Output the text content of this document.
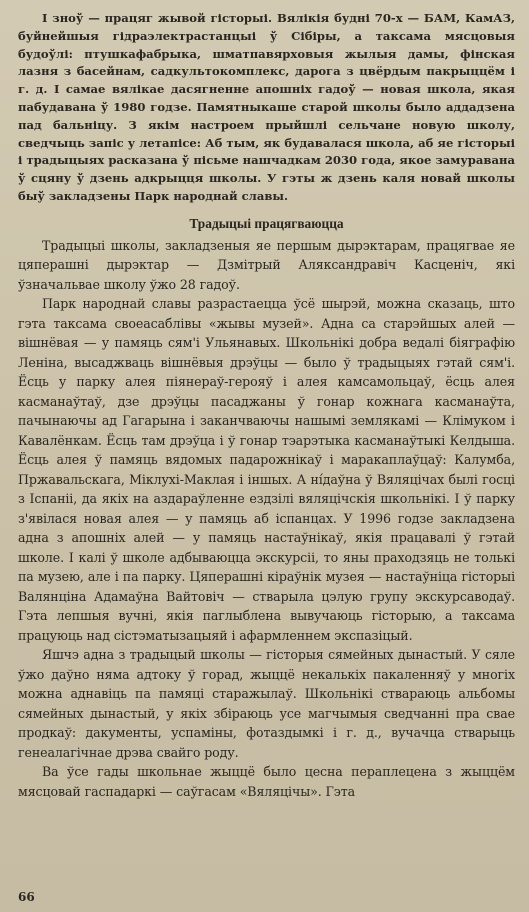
І зноў — працяг жывой гісторыі. Вялікія будні 70-х — БАМ, КамАЗ, буйнейшыя гідраэлектрастанцыі ў Сібіры, а таксама мясцовыя будоўлі: птушкафабрыка, шматпавярховыя жылыя дамы, фінская лазня з басейнам, садкультокомплекс, дарога з цвёрдым пакрыццём і г. д. І самае вялікае дасягненне апошніх гадоў — новая школа, якая пабудавана ў 1980 годзе. Памятныкаше старой школы было аддадзена пад бальніцу. З якім настроем прыйшлі сельчане новую школу, сведчыць запіс у летапісе: Аб тым, як будавалася школа, аб яе гісторыі і традыцыях расказана ў пісьме нашчадкам 2030 года, якое замуравана ў сцяну ў дзень адкрыцця школы. У гэты ж дзень каля новай школы быў закладзены Парк народнай славы.

Традыцыі працягваюцца

Традыцыі школы, закладзеныя яе першым дырэктарам, працягвае яе цяперашні дырэктар — Дзмітрый Аляксандравіч Касценіч, які ўзначальвае школу ўжо 28 гадоў.

Парк народнай славы разрастаецца ўсё шырэй, можна сказаць, што гэта таксама своеасаблівы «жывы музей». Адна са старэйшых алей — вішнёвая — у памяць сям'і Ульянавых. Школьнікі добра ведалі біяграфію Леніна, высаджваць вішнёвыя дрэўцы — было ў традыцыях гэтай сям'і. Ёсць у парку алея піянераў-герояў і алея камсамольцаў, ёсць алея касманаўтаў, дзе дрэўцы пасаджаны ў гонар кожнага касманаўта, пачынаючы ад Гагарына і заканчваючы нашымі землякамі — Клімуком і Кавалёнкам. Ёсць там дрэўца і ў гонар тэарэтыка касманаўтыкі Келдыша. Ёсць алея ў памяць вядомых падарожнікаў і маракаплаўцаў: Калумба, Пржавальскага, Міклухі-Маклая і іншых. А ні́даўна ў Вяляцічах былі госці з Іспаніі, да якіх на аздараўленне ездзілі вяляцічскія школьнікі. І ў парку з'явілася новая алея — у памяць аб іспанцах. У 1996 годзе закладзена адна з апошніх алей — у памяць настаўнікаў, якія працавалі ў гэтай школе. І калі ў школе адбываюцца экскурсіі, то яны праходзяць не толькі па музею, але і па парку. Цяперашні кіраўнік музея — настаўніца гісторыі Валянціна Адамаўна Вайтовіч — стварыла цэлую групу экскурсаводаў. Гэта лепшыя вучні, якія паглыблена вывучаюць гісторыю, а таксама працуюць над сістэматызацыяй і афармленнем экспазіцый.

Яшчэ адна з традыцый школы — гісторыя сямейных дынастый. У сяле ўжо даўно няма адтоку ў горад, жыццё некалькіх пакаленняў у многіх можна аднавіць па памяці старажылаў. Школьнікі ствараюць альбомы сямейных дынастый, у якіх збіраюць усе магчымыя сведчанні пра свае продкаў: дакументы, успаміны, фотаздымкі і г. д., вучачца стварыць генеалагічнае дрэва свайго роду.

Ва ўсе гады школьнае жыццё было цесна пераплецена з жыццём мясцовай гаспадаркі — саўгасам «Вяляцічы». Гэта

66
